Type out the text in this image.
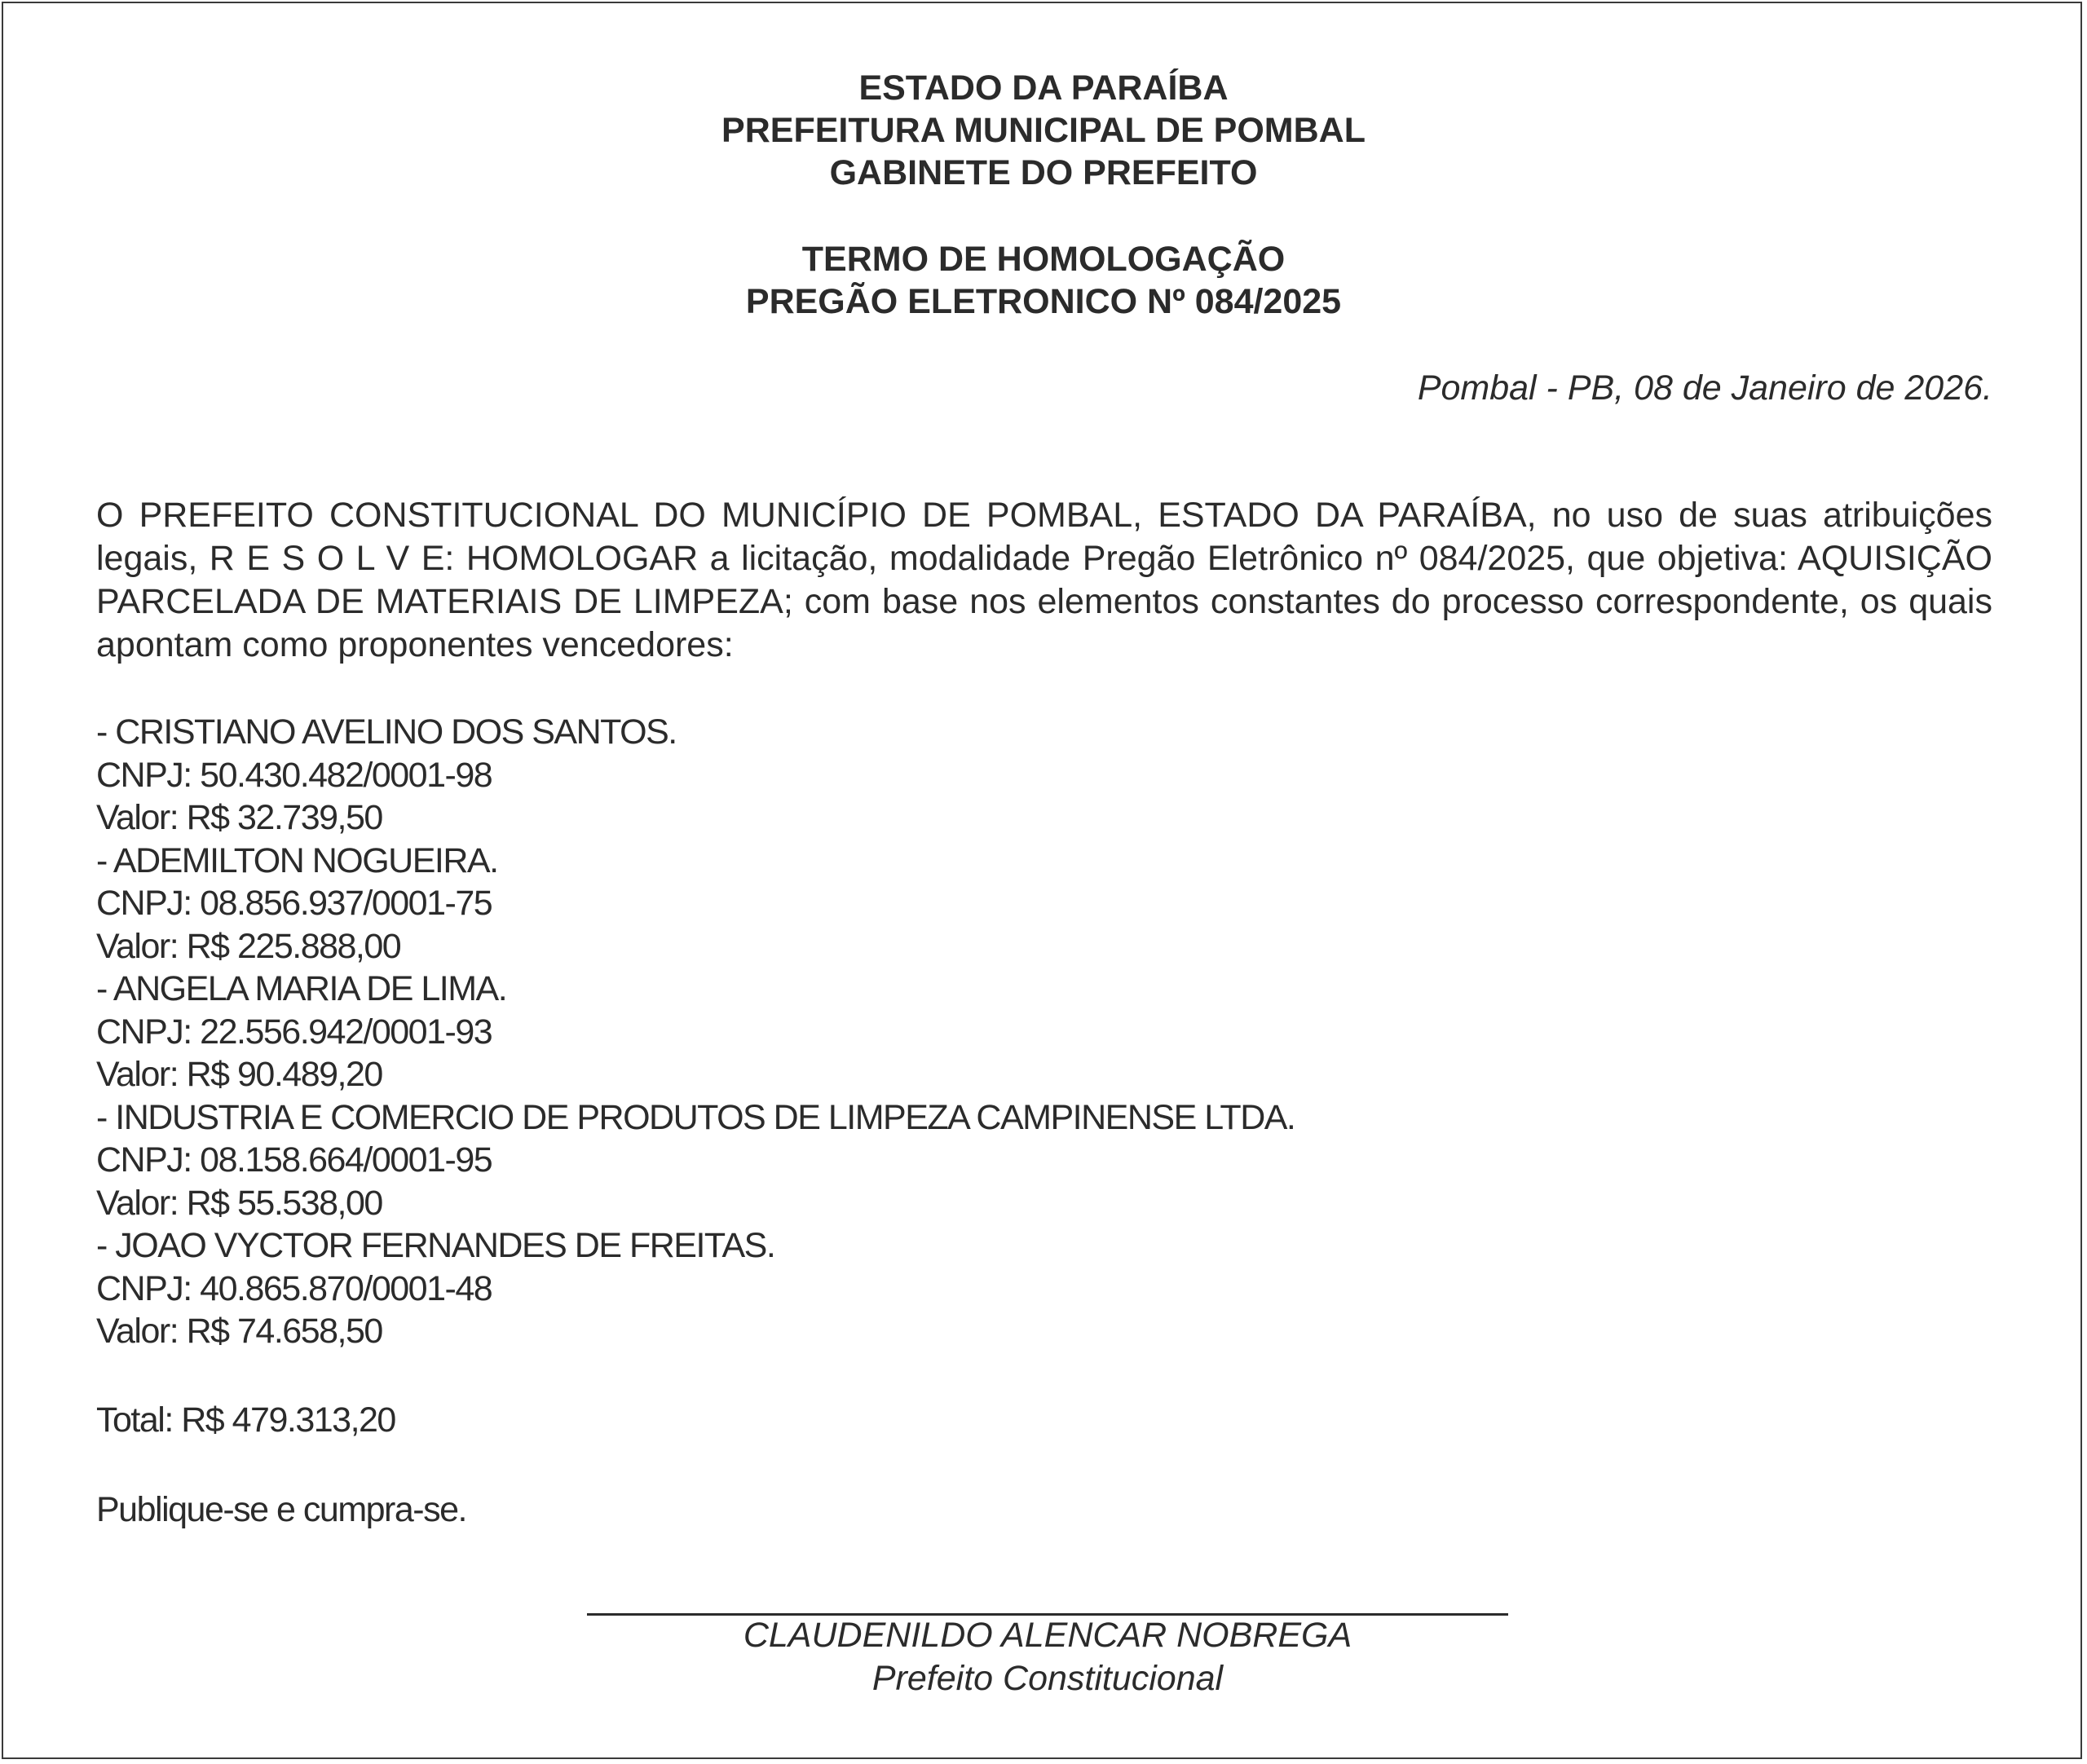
ESTADO DA PARAÍBA
PREFEITURA MUNICIPAL DE POMBAL
GABINETE DO PREFEITO
TERMO DE HOMOLOGAÇÃO
PREGÃO ELETRONICO Nº 084/2025
Pombal - PB, 08 de Janeiro de 2026.
O PREFEITO CONSTITUCIONAL DO MUNICÍPIO DE POMBAL, ESTADO DA PARAÍBA, no uso de suas atribuições legais, R E S O L V E: HOMOLOGAR a licitação, modalidade Pregão Eletrônico nº 084/2025, que objetiva: AQUISIÇÃO PARCELADA DE MATERIAIS DE LIMPEZA; com base nos elementos constantes do processo correspondente, os quais apontam como proponentes vencedores:
- CRISTIANO AVELINO DOS SANTOS.
CNPJ: 50.430.482/0001-98
Valor: R$ 32.739,50
- ADEMILTON NOGUEIRA.
CNPJ: 08.856.937/0001-75
Valor: R$ 225.888,00
- ANGELA MARIA DE LIMA.
CNPJ: 22.556.942/0001-93
Valor: R$ 90.489,20
- INDUSTRIA E COMERCIO DE PRODUTOS DE LIMPEZA CAMPINENSE LTDA.
CNPJ: 08.158.664/0001-95
Valor: R$ 55.538,00
- JOAO VYCTOR FERNANDES DE FREITAS.
CNPJ: 40.865.870/0001-48
Valor: R$ 74.658,50
Total: R$ 479.313,20
Publique-se e cumpra-se.
CLAUDENILDO ALENCAR NOBREGA
Prefeito Constitucional
